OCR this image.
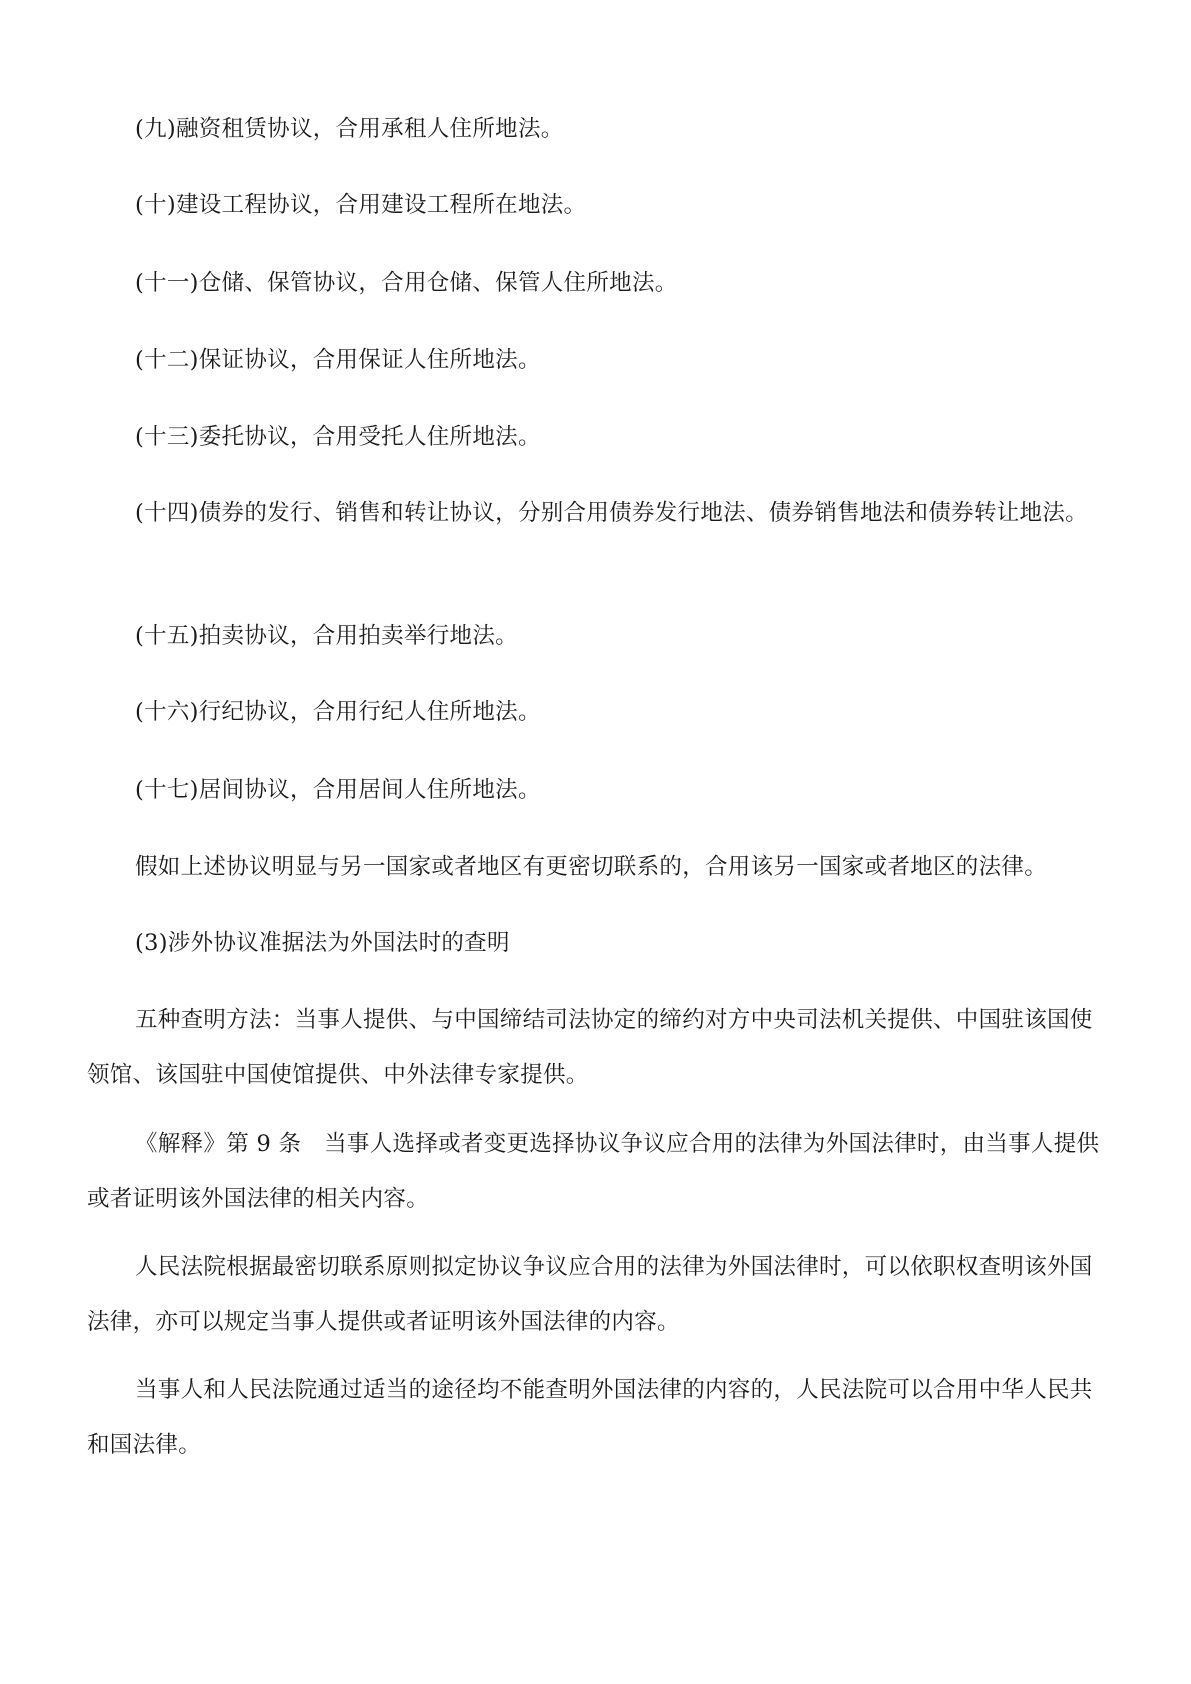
(九)融资租赁协议，合用承租人住所地法。

(十)建设工程协议，合用建设工程所在地法。

(十一)仓储、保管协议，合用仓储、保管人住所地法。

(十二)保证协议，合用保证人住所地法。

(十三)委托协议，合用受托人住所地法。

(十四)债券的发行、销售和转让协议，分别合用债券发行地法、债券销售地法和债券转让地法。

(十五)拍卖协议，合用拍卖举行地法。

(十六)行纪协议，合用行纪人住所地法。

(十七)居间协议，合用居间人住所地法。

假如上述协议明显与另一国家或者地区有更密切联系的，合用该另一国家或者地区的法律。

(3)涉外协议准据法为外国法时的查明

五种查明方法：当事人提供、与中国缔结司法协定的缔约对方中央司法机关提供、中国驻该国使领馆、该国驻中国使馆提供、中外法律专家提供。

《解释》第 9 条　当事人选择或者变更选择协议争议应合用的法律为外国法律时，由当事人提供或者证明该外国法律的相关内容。

人民法院根据最密切联系原则拟定协议争议应合用的法律为外国法律时，可以依职权查明该外国法律，亦可以规定当事人提供或者证明该外国法律的内容。

当事人和人民法院通过适当的途径均不能查明外国法律的内容的，人民法院可以合用中华人民共和国法律。
